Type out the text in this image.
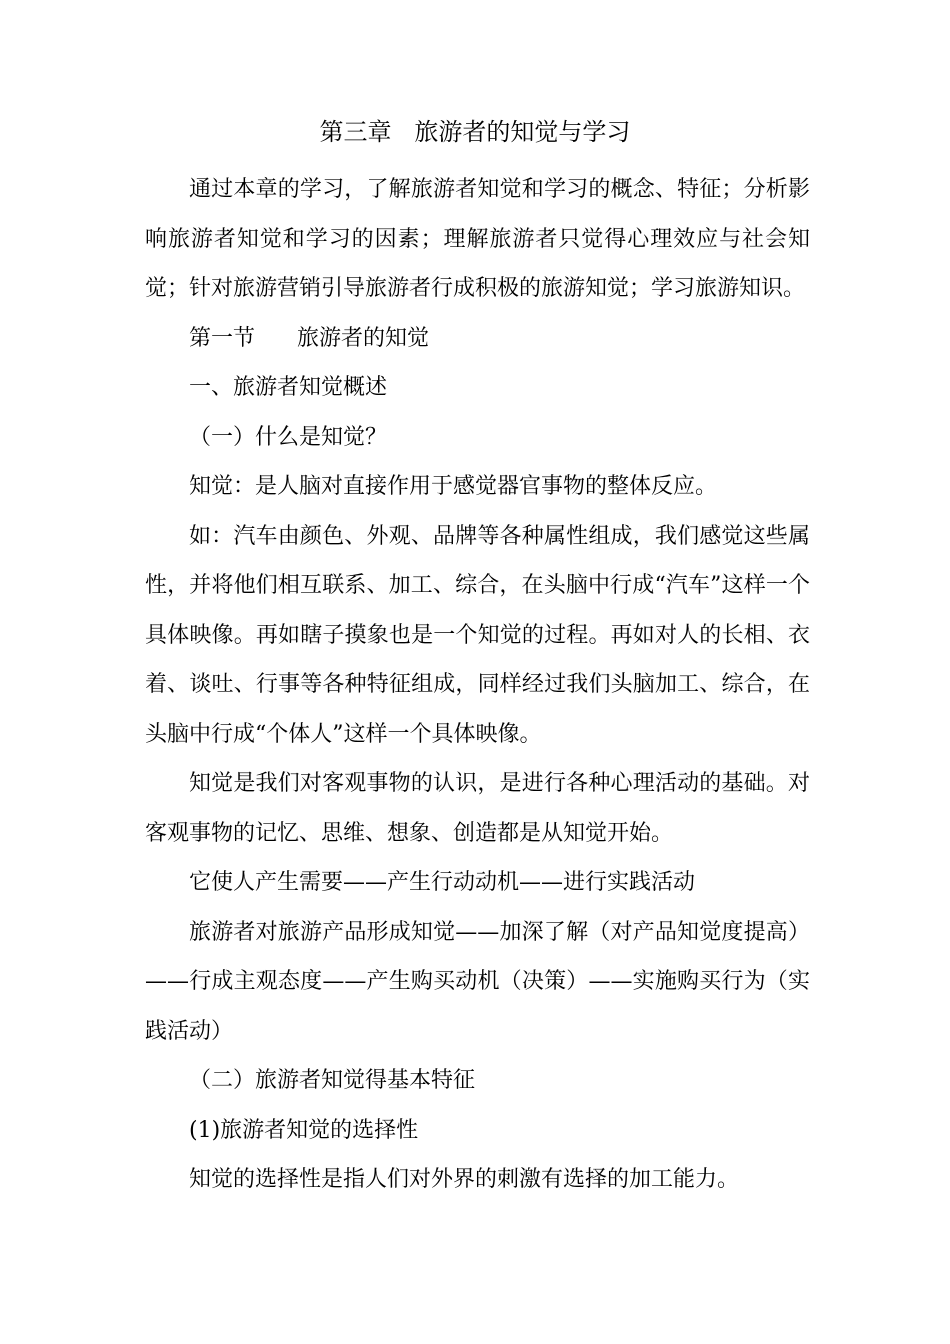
第三章   旅游者的知觉与学习

通过本章的学习，了解旅游者知觉和学习的概念、特征；分析影响旅游者知觉和学习的因素；理解旅游者只觉得心理效应与社会知觉；针对旅游营销引导旅游者行成积极的旅游知觉；学习旅游知识。

第一节      旅游者的知觉

一、旅游者知觉概述

（一）什么是知觉？

知觉：是人脑对直接作用于感觉器官事物的整体反应。

如：汽车由颜色、外观、品牌等各种属性组成，我们感觉这些属性，并将他们相互联系、加工、综合，在头脑中行成“汽车”这样一个具体映像。再如瞎子摸象也是一个知觉的过程。再如对人的长相、衣着、谈吐、行事等各种特征组成，同样经过我们头脑加工、综合，在头脑中行成“个体人”这样一个具体映像。

知觉是我们对客观事物的认识，是进行各种心理活动的基础。对客观事物的记忆、思维、想象、创造都是从知觉开始。

它使人产生需要——产生行动动机——进行实践活动

旅游者对旅游产品形成知觉——加深了解（对产品知觉度提高）——行成主观态度——产生购买动机（决策）——实施购买行为（实践活动）

（二）旅游者知觉得基本特征

(1)旅游者知觉的选择性

知觉的选择性是指人们对外界的刺激有选择的加工能力。
